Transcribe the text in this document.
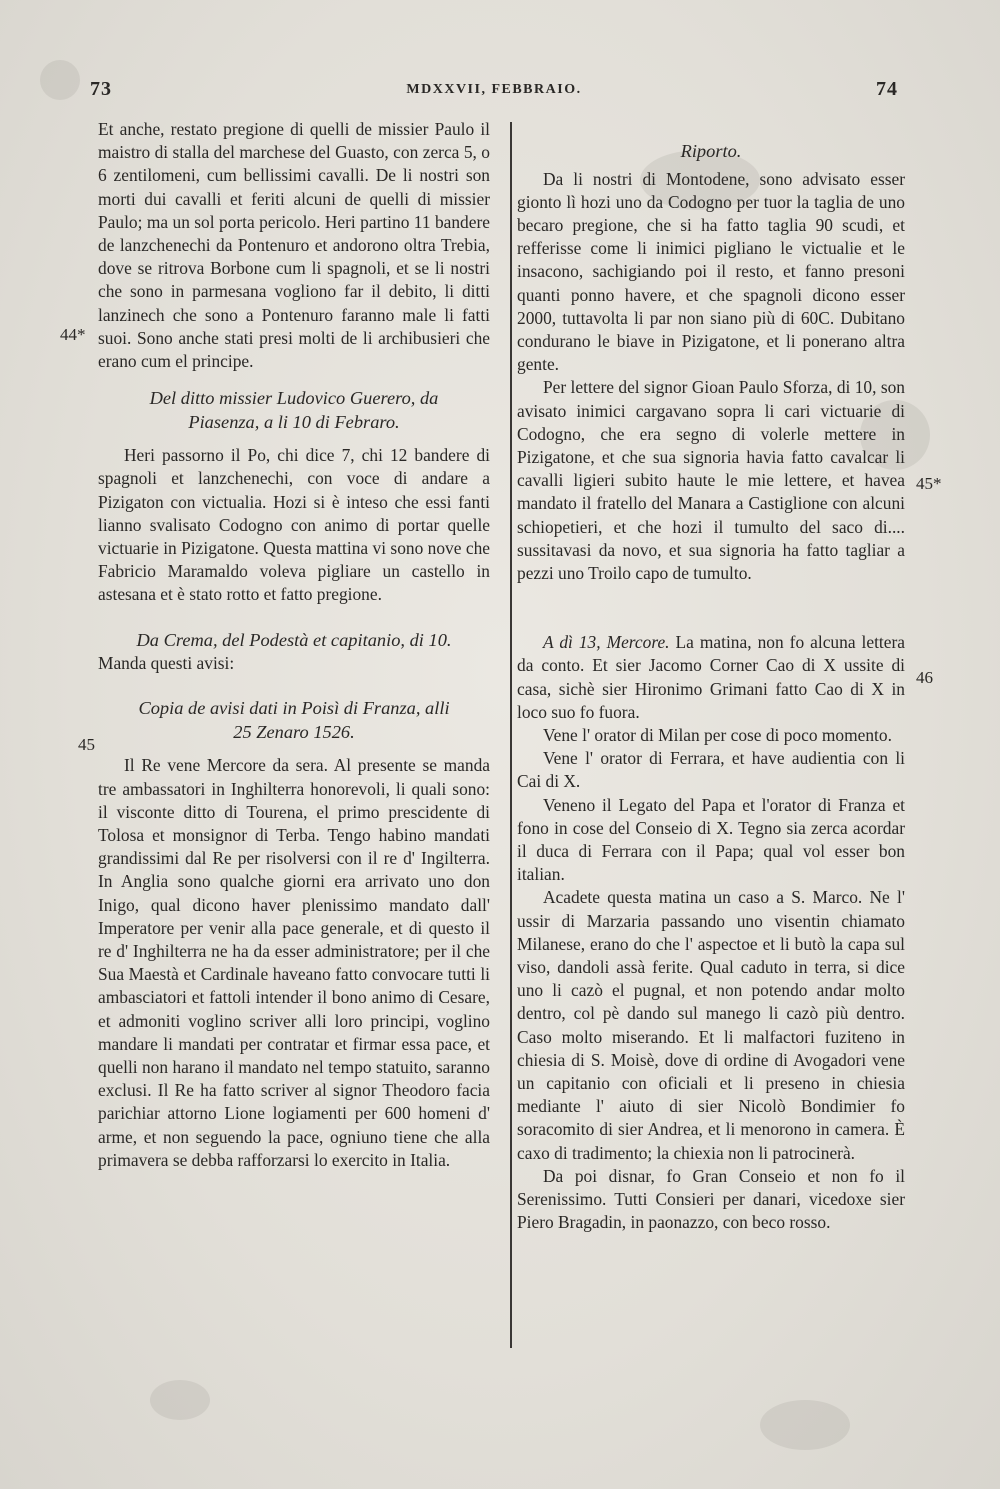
73	MDXXVII, FEBBRAIO.	74

Et anche, restato pregione di quelli de missier Paulo il maistro di stalla del marchese del Guasto, con zerca 5, o 6 zentilomeni, cum bellissimi cavalli. De li nostri son morti dui cavalli et feriti alcuni de quelli di missier Paulo; ma un sol porta pericolo. Heri partino 11 bandere de lanzchenechi da Pontenuro et andorono oltra Trebia, dove se ritrova Borbone cum li spagnoli, et se li nostri che sono in parmesana vogliono far il debito, li ditti lanzinech che sono a Pontenuro faranno male li fatti suoi. Sono anche stati presi molti de li archibusieri che erano cum el principe.

Del ditto missier Ludovico Guerero, da
Piasenza, a li 10 di Febraro.

Heri passorno il Po, chi dice 7, chi 12 bandere di spagnoli et lanzchenechi, con voce di andare a Pizigaton con victualia. Hozi si è inteso che essi fanti lianno svalisato Codogno con animo di portar quelle victuarie in Pizigatone. Questa mattina vi sono nove che Fabricio Maramaldo voleva pigliare un castello in astesana et è stato rotto et fatto pregione.

Da Crema, del Podestà et capitanio, di 10.

Manda questi avisi:

Copia de avisi dati in Poisì di Franza, alli
25 Zenaro 1526.

Il Re vene Mercore da sera. Al presente se manda tre ambassatori in Inghilterra honorevoli, li quali sono: il visconte ditto di Tourena, el primo prescidente di Tolosa et monsignor di Terba. Tengo habino mandati grandissimi dal Re per risolversi con il re d' Ingilterra. In Anglia sono qualche giorni era arrivato uno don Inigo, qual dicono haver plenissimo mandato dall' Imperatore per venir alla pace generale, et di questo il re d' Inghilterra ne ha da esser administratore; per il che Sua Maestà et Cardinale haveano fatto convocare tutti li ambasciatori et fattoli intender il bono animo di Cesare, et admoniti voglino scriver alli loro principi, voglino mandare li mandati per contratar et firmar essa pace, et quelli non harano il mandato nel tempo statuito, saranno exclusi. Il Re ha fatto scriver al signor Theodoro facia parichiar attorno Lione logiamenti per 600 homeni d' arme, et non seguendo la pace, ogniuno tiene che alla primavera se debba rafforzarsi lo exercito in Italia.

Riporto.

Da li nostri di Montodene, sono advisato esser gionto lì hozi uno da Codogno per tuor la taglia de uno becaro pregione, che si ha fatto taglia 90 scudi, et refferisse come li inimici pigliano le victualie et le insacono, sachigiando poi il resto, et fanno presoni quanti ponno havere, et che spagnoli dicono esser 2000, tuttavolta li par non siano più di 60C. Dubitano condurano le biave in Pizigatone, et li ponerano altra gente.

Per lettere del signor Gioan Paulo Sforza, di 10, son avisato inimici cargavano sopra li cari victuarie di Codogno, che era segno di volerle mettere in Pizigatone, et che sua signoria havia fatto cavalcar li cavalli ligieri subito haute le mie lettere, et havea mandato il fratello del Manara a Castiglione con alcuni schiopetieri, et che hozi il tumulto del saco di.... sussitavasi da novo, et sua signoria ha fatto tagliar a pezzi uno Troilo capo de tumulto.

A dì 13, Mercore. La matina, non fo alcuna lettera da conto. Et sier Jacomo Corner Cao di X ussite di casa, sichè sier Hironimo Grimani fatto Cao di X in loco suo fo fuora.

Vene l' orator di Milan per cose di poco momento.

Vene l' orator di Ferrara, et have audientia con li Cai di X.

Veneno il Legato del Papa et l'orator di Franza et fono in cose del Conseio di X. Tegno sia zerca acordar il duca di Ferrara con il Papa; qual vol esser bon italian.

Acadete questa matina un caso a S. Marco. Ne l' ussir di Marzaria passando uno visentin chiamato Milanese, erano do che l' aspectoe et li butò la capa sul viso, dandoli assà ferite. Qual caduto in terra, si dice uno li cazò el pugnal, et non potendo andar molto dentro, col pè dando sul manego li cazò più dentro. Caso molto miserando. Et li malfactori fuziteno in chiesia di S. Moisè, dove di ordine di Avogadori vene un capitanio con oficiali et li preseno in chiesia mediante l' aiuto di sier Nicolò Bondimier fo soracomito di sier Andrea, et li menorono in camera. È caxo di tradimento; la chiexia non li patrocinerà.

Da poi disnar, fo Gran Conseio et non fo il Serenissimo. Tutti Consieri per danari, vicedoxe sier Piero Bragadin, in paonazzo, con beco rosso.

44*
45
45*
46
